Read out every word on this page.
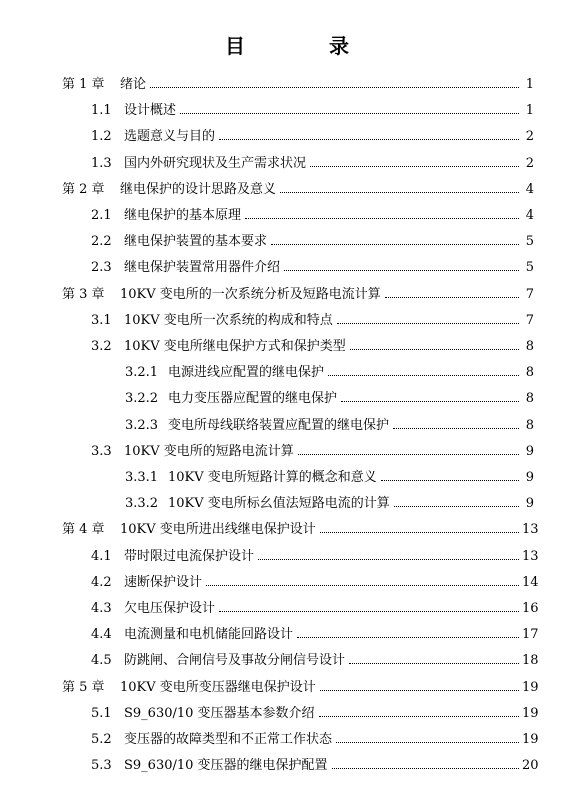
目　录
第 1 章	绪论	1
1.1 设计概述	1
1.2 选题意义与目的	2
1.3 国内外研究现状及生产需求状况	2
第 2 章	继电保护的设计思路及意义	4
2.1 继电保护的基本原理	4
2.2 继电保护装置的基本要求	5
2.3 继电保护装置常用器件介绍	5
第 3 章	10KV 变电所的一次系统分析及短路电流计算	7
3.1 10KV 变电所一次系统的构成和特点	7
3.2 10KV 变电所继电保护方式和保护类型	8
3.2.1 电源进线应配置的继电保护	8
3.2.2 电力变压器应配置的继电保护	8
3.2.3 变电所母线联络装置应配置的继电保护	8
3.3 10KV 变电所的短路电流计算	9
3.3.1 10KV 变电所短路计算的概念和意义	9
3.3.2 10KV 变电所标幺值法短路电流的计算	9
第 4 章	10KV 变电所进出线继电保护设计	13
4.1 带时限过电流保护设计	13
4.2 速断保护设计	14
4.3 欠电压保护设计	16
4.4 电流测量和电机储能回路设计	17
4.5 防跳闸、合闸信号及事故分闸信号设计	18
第 5 章	10KV 变电所变压器继电保护设计	19
5.1 S9_630/10 变压器基本参数介绍	19
5.2 变压器的故障类型和不正常工作状态	19
5.3 S9_630/10 变压器的继电保护配置	20
